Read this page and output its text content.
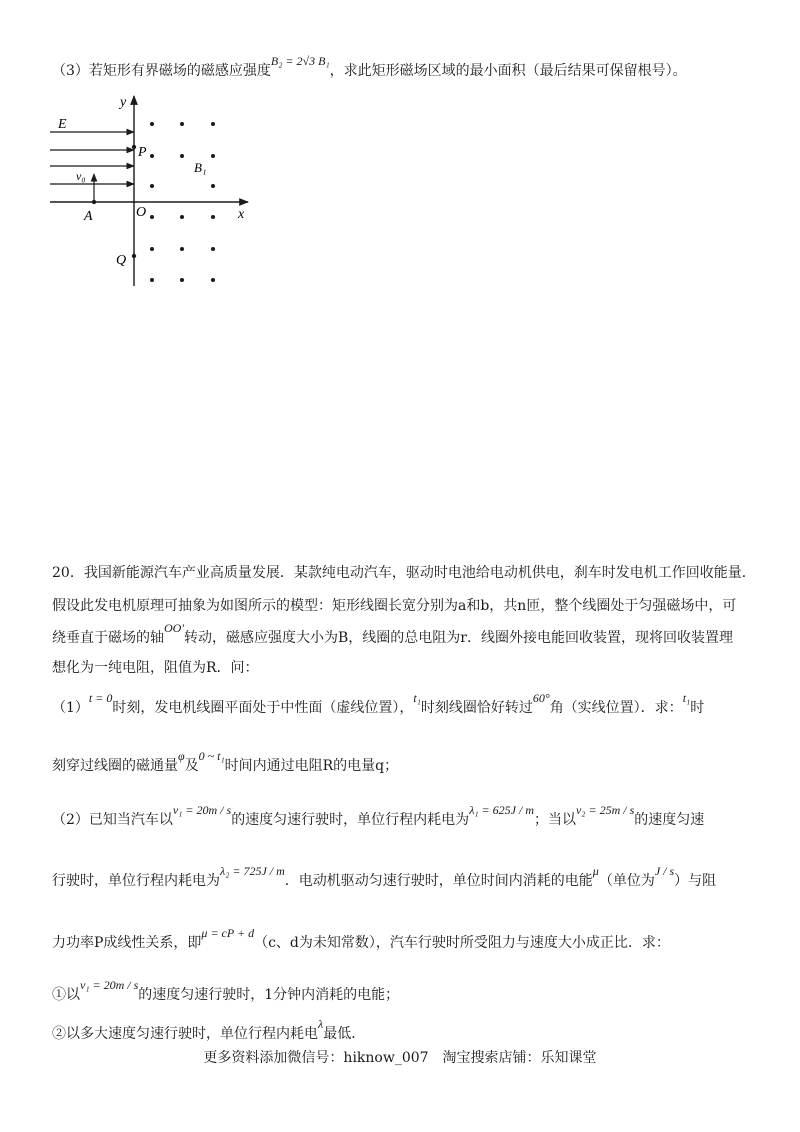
（3）若矩形有界磁场的磁感应强度B₂ = 2√3 B₁，求此矩形磁场区域的最小面积（最后结果可保留根号）。
y
x
E
P
v₀
A	O
Q
B₁
20．我国新能源汽车产业高质量发展．某款纯电动汽车，驱动时电池给电动机供电，刹车时发电机工作回收能量．
假设此发电机原理可抽象为如图所示的模型：矩形线圈长宽分别为a和b，共n匝，整个线圈处于匀强磁场中，可
绕垂直于磁场的轴OO′转动，磁感应强度大小为B，线圈的总电阻为r．线圈外接电能回收装置，现将回收装置理
想化为一纯电阻，阻值为R．问：
（1）t = 0时刻，发电机线圈平面处于中性面（虚线位置），t₁时刻线圈恰好转过60°角（实线位置）．求：t₁时
刻穿过线圈的磁通量φ及0 ~ t₁时间内通过电阻R的电量q；
（2）已知当汽车以v₁ = 20m / s的速度匀速行驶时，单位行程内耗电为λ₁ = 625J / m；当以v₂ = 25m / s的速度匀速
行驶时，单位行程内耗电为λ₂ = 725J / m．电动机驱动匀速行驶时，单位时间内消耗的电能μ（单位为J / s）与阻
力功率P成线性关系，即μ = cP + d（c、d为未知常数），汽车行驶时所受阻力与速度大小成正比．求：
①以v₁ = 20m / s的速度匀速行驶时，1分钟内消耗的电能；
②以多大速度匀速行驶时，单位行程内耗电λ最低．
更多资料添加微信号：hiknow_007　淘宝搜索店铺：乐知课堂
